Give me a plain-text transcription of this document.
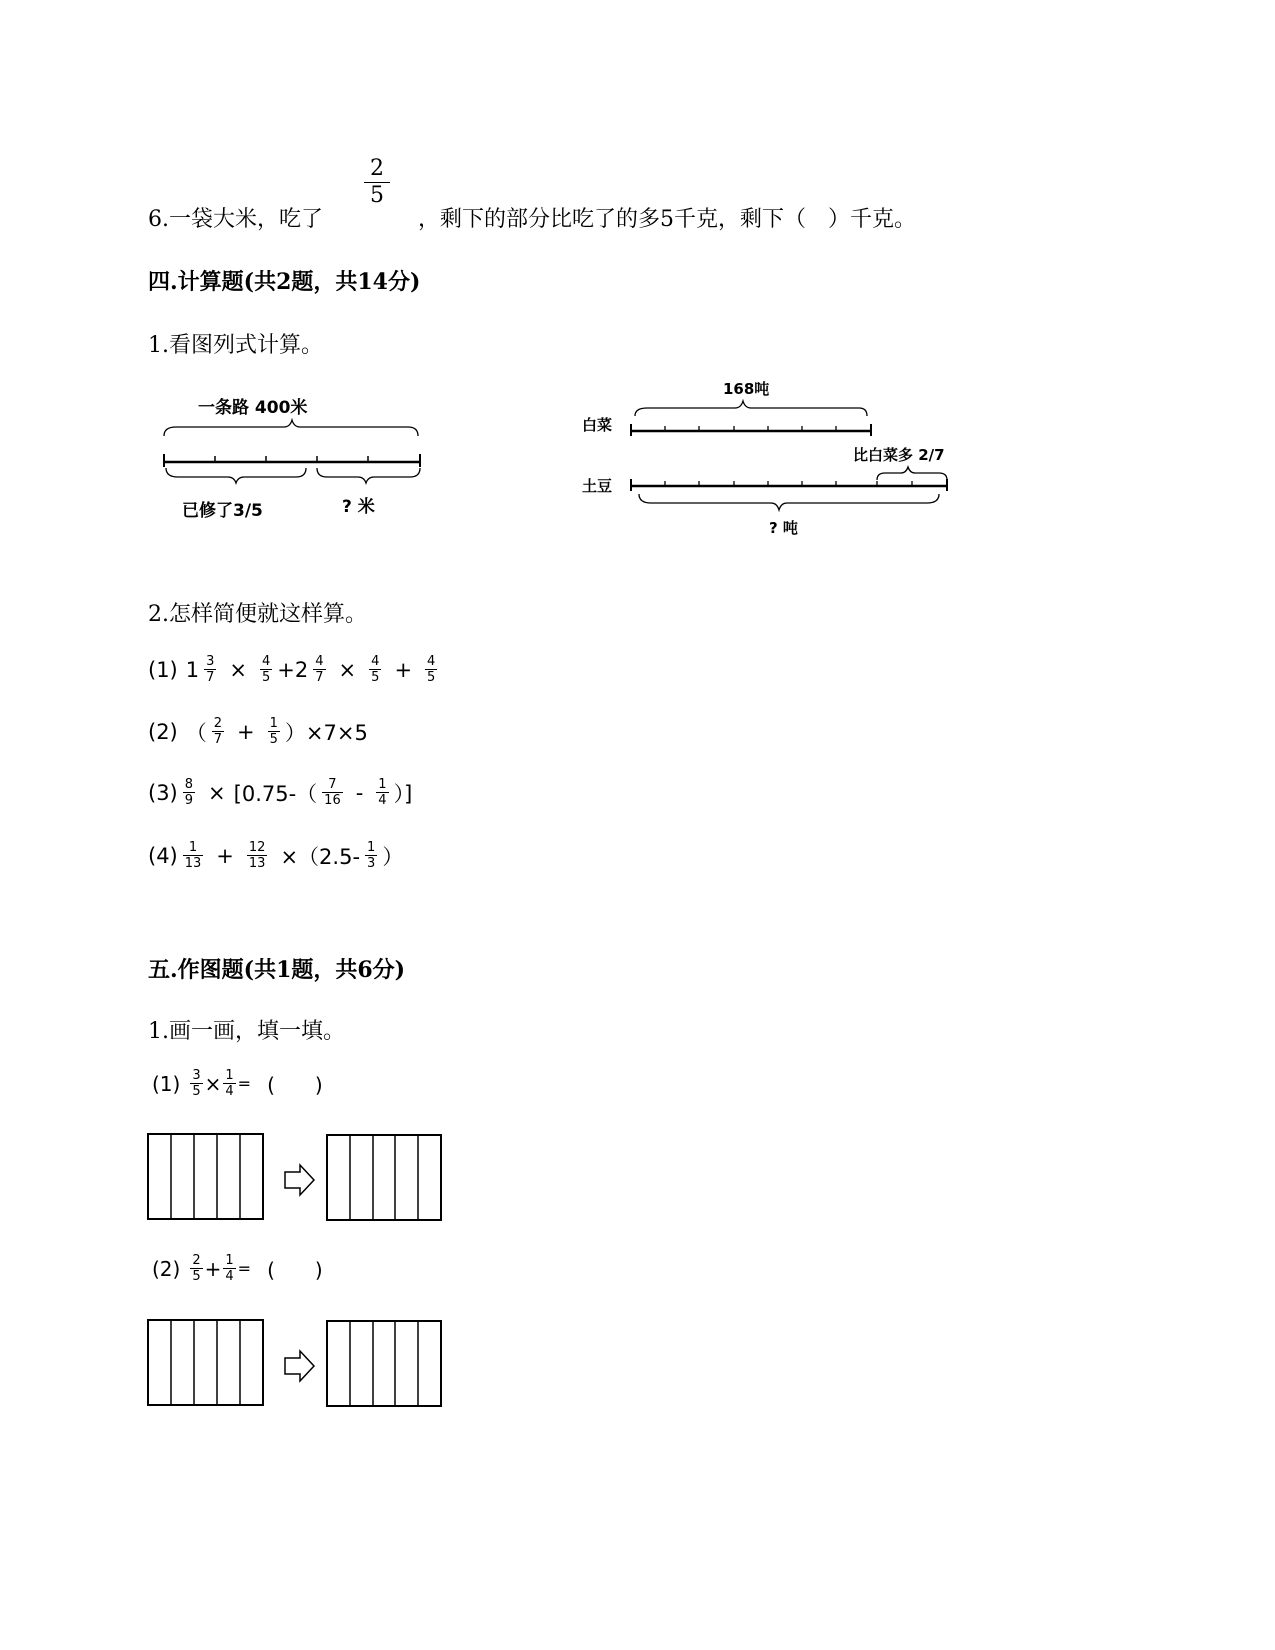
6.一袋大米，吃了
2
5
，剩下的部分比吃了的多5千克，剩下（　）千克。
四.计算题(共2题，共14分)
1.看图列式计算。
一条路 400米
已修了3/5	? 米
168吨
白菜
比白菜多 2/7
土豆
? 吨
2.怎样简便就这样算。
(1) $1 \frac{3}{7} \times \frac{4}{5} +2 \frac{4}{7} \times \frac{4}{5} + \frac{4}{5}$
(2) （ $\frac{2}{7} + \frac{1}{5} )\times 7\times 5$
$(3) \frac{8}{9} \times [0.75-( \frac{7}{16} - \frac{1}{4}$ ）]
$(4) \frac{1}{13} + \frac{12}{13} \times(2.5- \frac{1}{3}$ ）
五.作图题(共1题，共6分)
1.画一画，填一填。
$(1) \frac{3}{5} \times \frac{1}{4}$ = (　　)
$(2) \frac{2}{5} + \frac{1}{4}$ = (　　)
